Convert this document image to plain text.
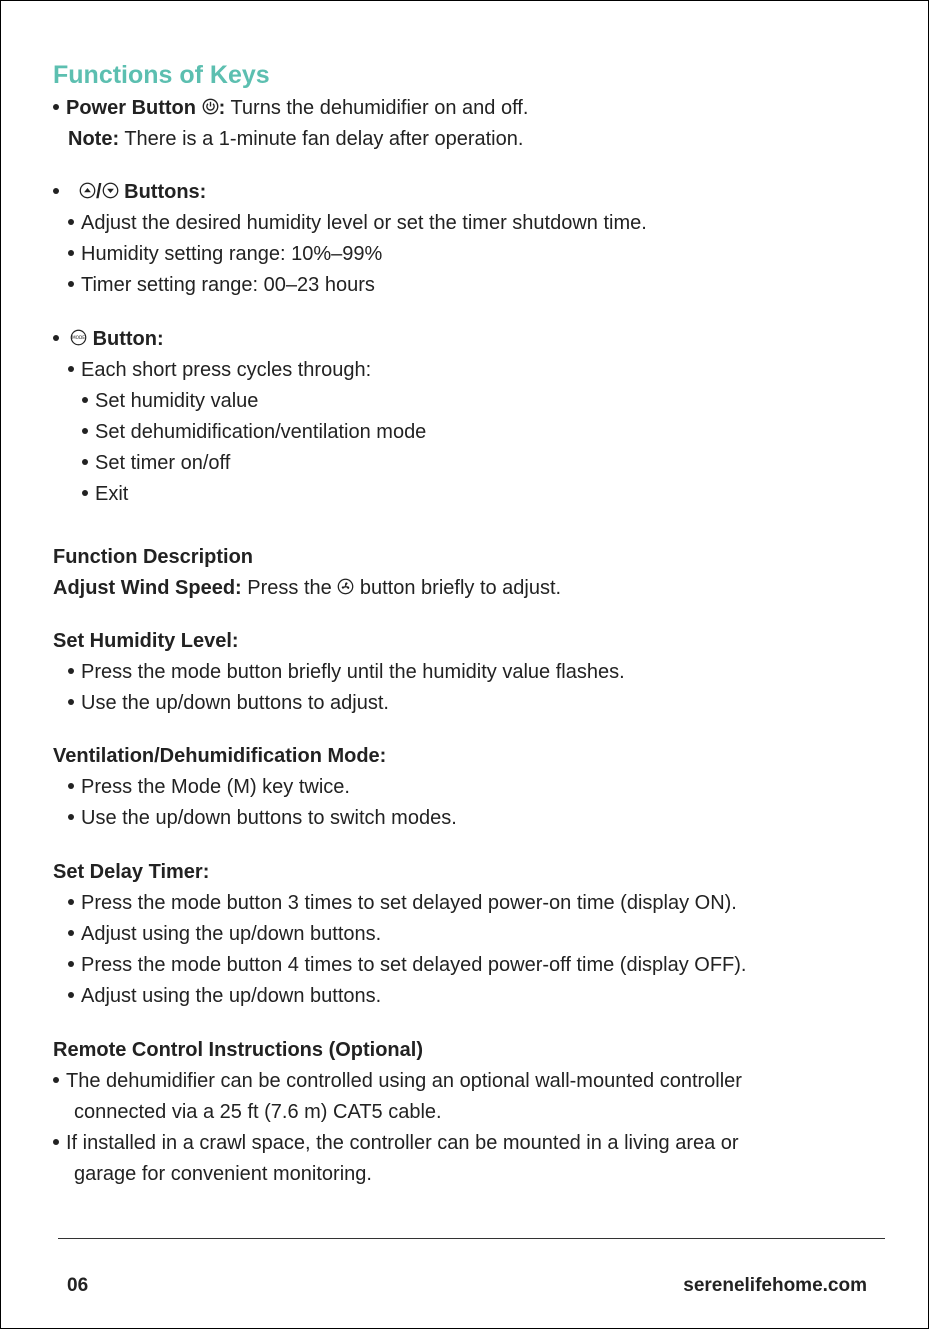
Functions of Keys
Power Button : Turns the dehumidifier on and off.
Note: There is a 1-minute fan delay after operation.
/ Buttons:
Adjust the desired humidity level or set the timer shutdown time.
Humidity setting range: 10%–99%
Timer setting range: 00–23 hours
MODE Button:
Each short press cycles through:
Set humidity value
Set dehumidification/ventilation mode
Set timer on/off
Exit
Function Description
Adjust Wind Speed: Press the button briefly to adjust.
Set Humidity Level:
Press the mode button briefly until the humidity value flashes.
Use the up/down buttons to adjust.
Ventilation/Dehumidification Mode:
Press the Mode (M) key twice.
Use the up/down buttons to switch modes.
Set Delay Timer:
Press the mode button 3 times to set delayed power-on time (display ON).
Adjust using the up/down buttons.
Press the mode button 4 times to set delayed power-off time (display OFF).
Adjust using the up/down buttons.
Remote Control Instructions (Optional)
The dehumidifier can be controlled using an optional wall-mounted controller
connected via a 25 ft (7.6 m) CAT5 cable.
If installed in a crawl space, the controller can be mounted in a living area or
garage for convenient monitoring.
06	serenelifehome.com
